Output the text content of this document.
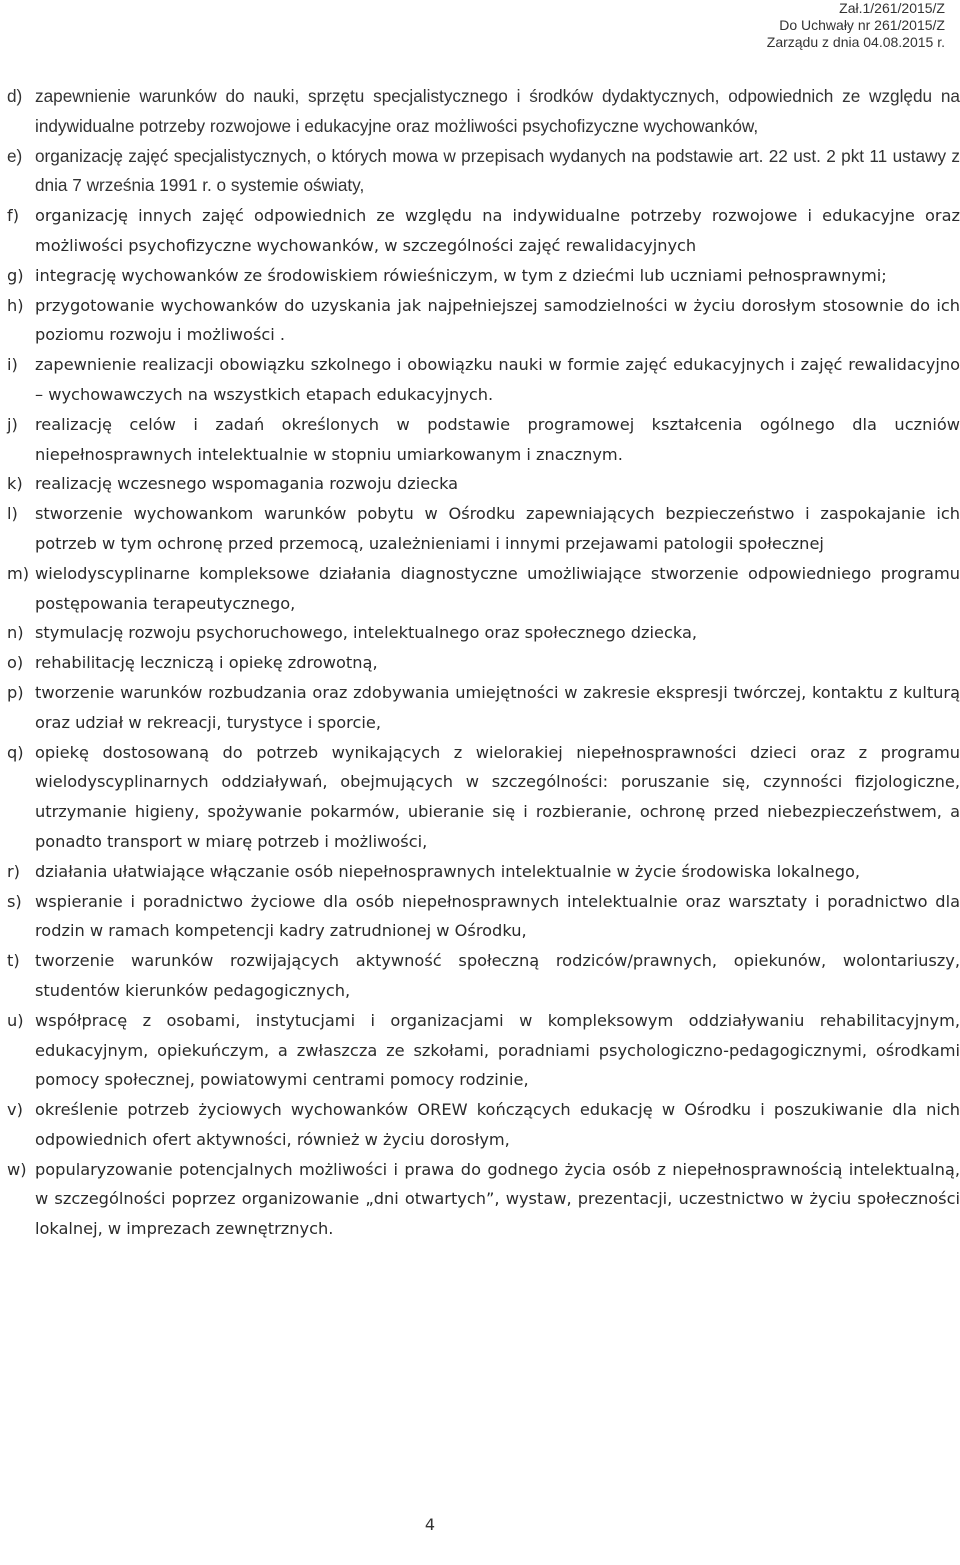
Zał.1/261/2015/Z
Do Uchwały nr 261/2015/Z
Zarządu z dnia 04.08.2015 r.
d) zapewnienie warunków do nauki, sprzętu specjalistycznego i środków dydaktycznych, odpowiednich ze względu na indywidualne potrzeby rozwojowe i edukacyjne oraz możliwości psychofizyczne wychowanków,
e) organizację zajęć specjalistycznych, o których mowa w przepisach wydanych na podstawie art. 22 ust. 2 pkt 11 ustawy z dnia 7 września 1991 r. o systemie oświaty,
f) organizację innych zajęć odpowiednich ze względu na indywidualne potrzeby rozwojowe i edukacyjne oraz możliwości psychofizyczne wychowanków, w szczególności zajęć rewalidacyjnych
g) integrację wychowanków ze środowiskiem rówieśniczym, w tym z dziećmi lub uczniami pełnosprawnymi;
h) przygotowanie wychowanków do uzyskania jak najpełniejszej samodzielności w życiu dorosłym stosownie do ich poziomu rozwoju i możliwości .
i)	zapewnienie realizacji obowiązku szkolnego i obowiązku nauki w formie zajęć edukacyjnych i zajęć rewalidacyjno – wychowawczych na wszystkich etapach edukacyjnych.
j)	realizację celów i zadań określonych w podstawie programowej kształcenia ogólnego dla uczniów niepełnosprawnych intelektualnie w stopniu umiarkowanym i znacznym.
k) realizację wczesnego wspomagania rozwoju dziecka
l)	stworzenie wychowankom warunków pobytu w Ośrodku zapewniających bezpieczeństwo i zaspokajanie ich potrzeb w tym ochronę przed przemocą, uzależnieniami i innymi przejawami patologii społecznej
m) wielodyscyplinarne kompleksowe działania diagnostyczne umożliwiające stworzenie odpowiedniego programu postępowania terapeutycznego,
n) stymulację rozwoju psychoruchowego, intelektualnego oraz społecznego dziecka,
o) rehabilitację leczniczą i opiekę zdrowotną,
p) tworzenie warunków rozbudzania oraz zdobywania umiejętności w zakresie ekspresji twórczej, kontaktu z kulturą oraz udział w rekreacji, turystyce i sporcie,
q) opiekę dostosowaną do potrzeb wynikających z wielorakiej niepełnosprawności dzieci oraz z programu wielodyscyplinarnych oddziaływań, obejmujących w szczególności: poruszanie się, czynności fizjologiczne, utrzymanie higieny, spożywanie pokarmów, ubieranie się i rozbieranie, ochronę przed niebezpieczeństwem, a ponadto transport w miarę potrzeb i możliwości,
r) działania ułatwiające włączanie osób niepełnosprawnych intelektualnie w życie środowiska lokalnego,
s) wspieranie i poradnictwo życiowe dla osób niepełnosprawnych intelektualnie oraz warsztaty i poradnictwo dla rodzin w ramach kompetencji kadry zatrudnionej w Ośrodku,
t) tworzenie warunków rozwijających aktywność społeczną rodziców/prawnych, opiekunów, wolontariuszy, studentów kierunków pedagogicznych,
u) współpracę z osobami, instytucjami i organizacjami w kompleksowym oddziaływaniu rehabilitacyjnym, edukacyjnym, opiekuńczym, a zwłaszcza ze szkołami, poradniami psychologiczno-pedagogicznymi, ośrodkami pomocy społecznej, powiatowymi centrami pomocy rodzinie,
v) określenie potrzeb życiowych wychowanków OREW kończących edukację w Ośrodku i poszukiwanie dla nich odpowiednich ofert aktywności, również w życiu dorosłym,
w) popularyzowanie potencjalnych możliwości i prawa do godnego życia osób z niepełnosprawnością intelektualną, w szczególności poprzez organizowanie „dni otwartych”, wystaw, prezentacji, uczestnictwo w życiu społeczności lokalnej, w imprezach zewnętrznych.
4
